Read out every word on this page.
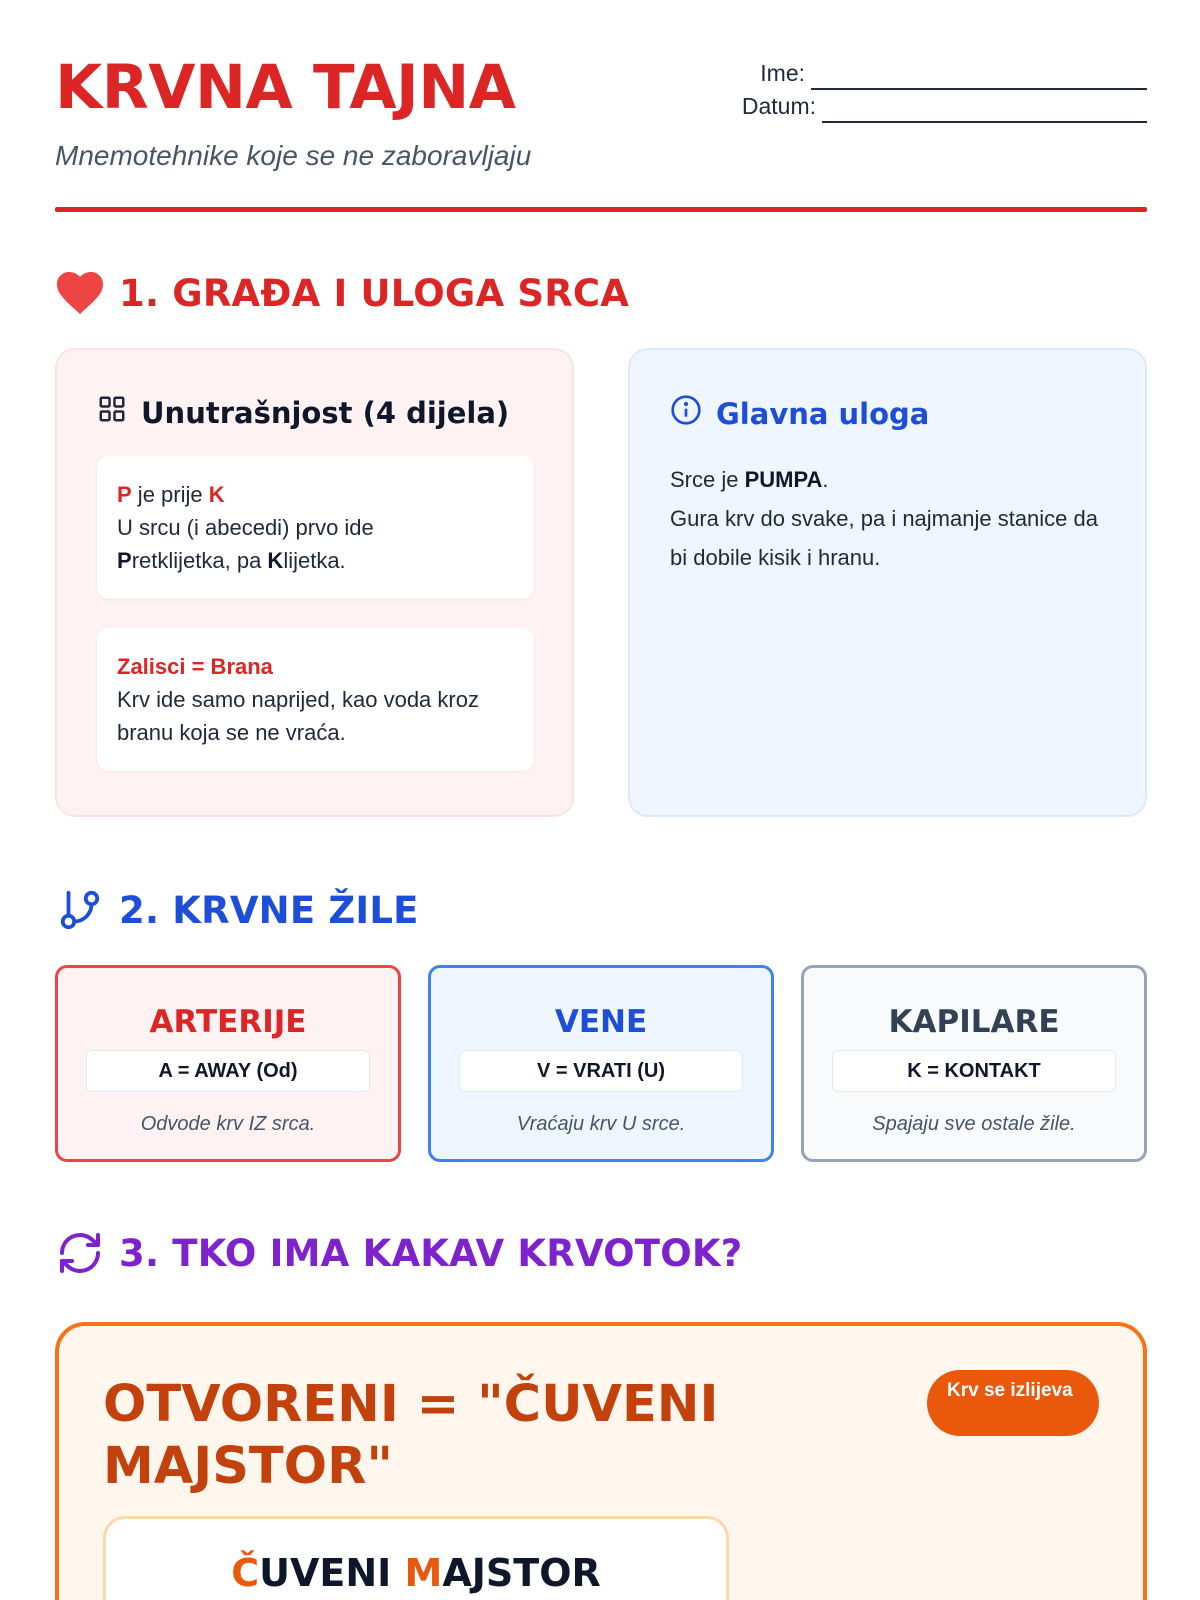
KRVNA TAJNA
Mnemotehnike koje se ne zaboravljaju
Ime:
Datum:
1. GRAĐA I ULOGA SRCA
Unutrašnjost (4 dijela)
P je prije K
U srcu (i abecedi) prvo ide
Pretklijetka, pa Klijetka.
Zalisci = Brana
Krv ide samo naprijed, kao voda kroz branu koja se ne vraća.
Glavna uloga
Srce je PUMPA.
Gura krv do svake, pa i najmanje stanice da bi dobile kisik i hranu.
2. KRVNE ŽILE
ARTERIJE
A = AWAY (Od)
Odvode krv IZ srca.
VENE
V = VRATI (U)
Vraćaju krv U srce.
KAPILARE
K = KONTAKT
Spajaju sve ostale žile.
3. TKO IMA KAKAV KRVOTOK?
OTVORENI = "ČUVENI MAJSTOR"
Krv se izlijeva
ČUVENI MAJSTOR
